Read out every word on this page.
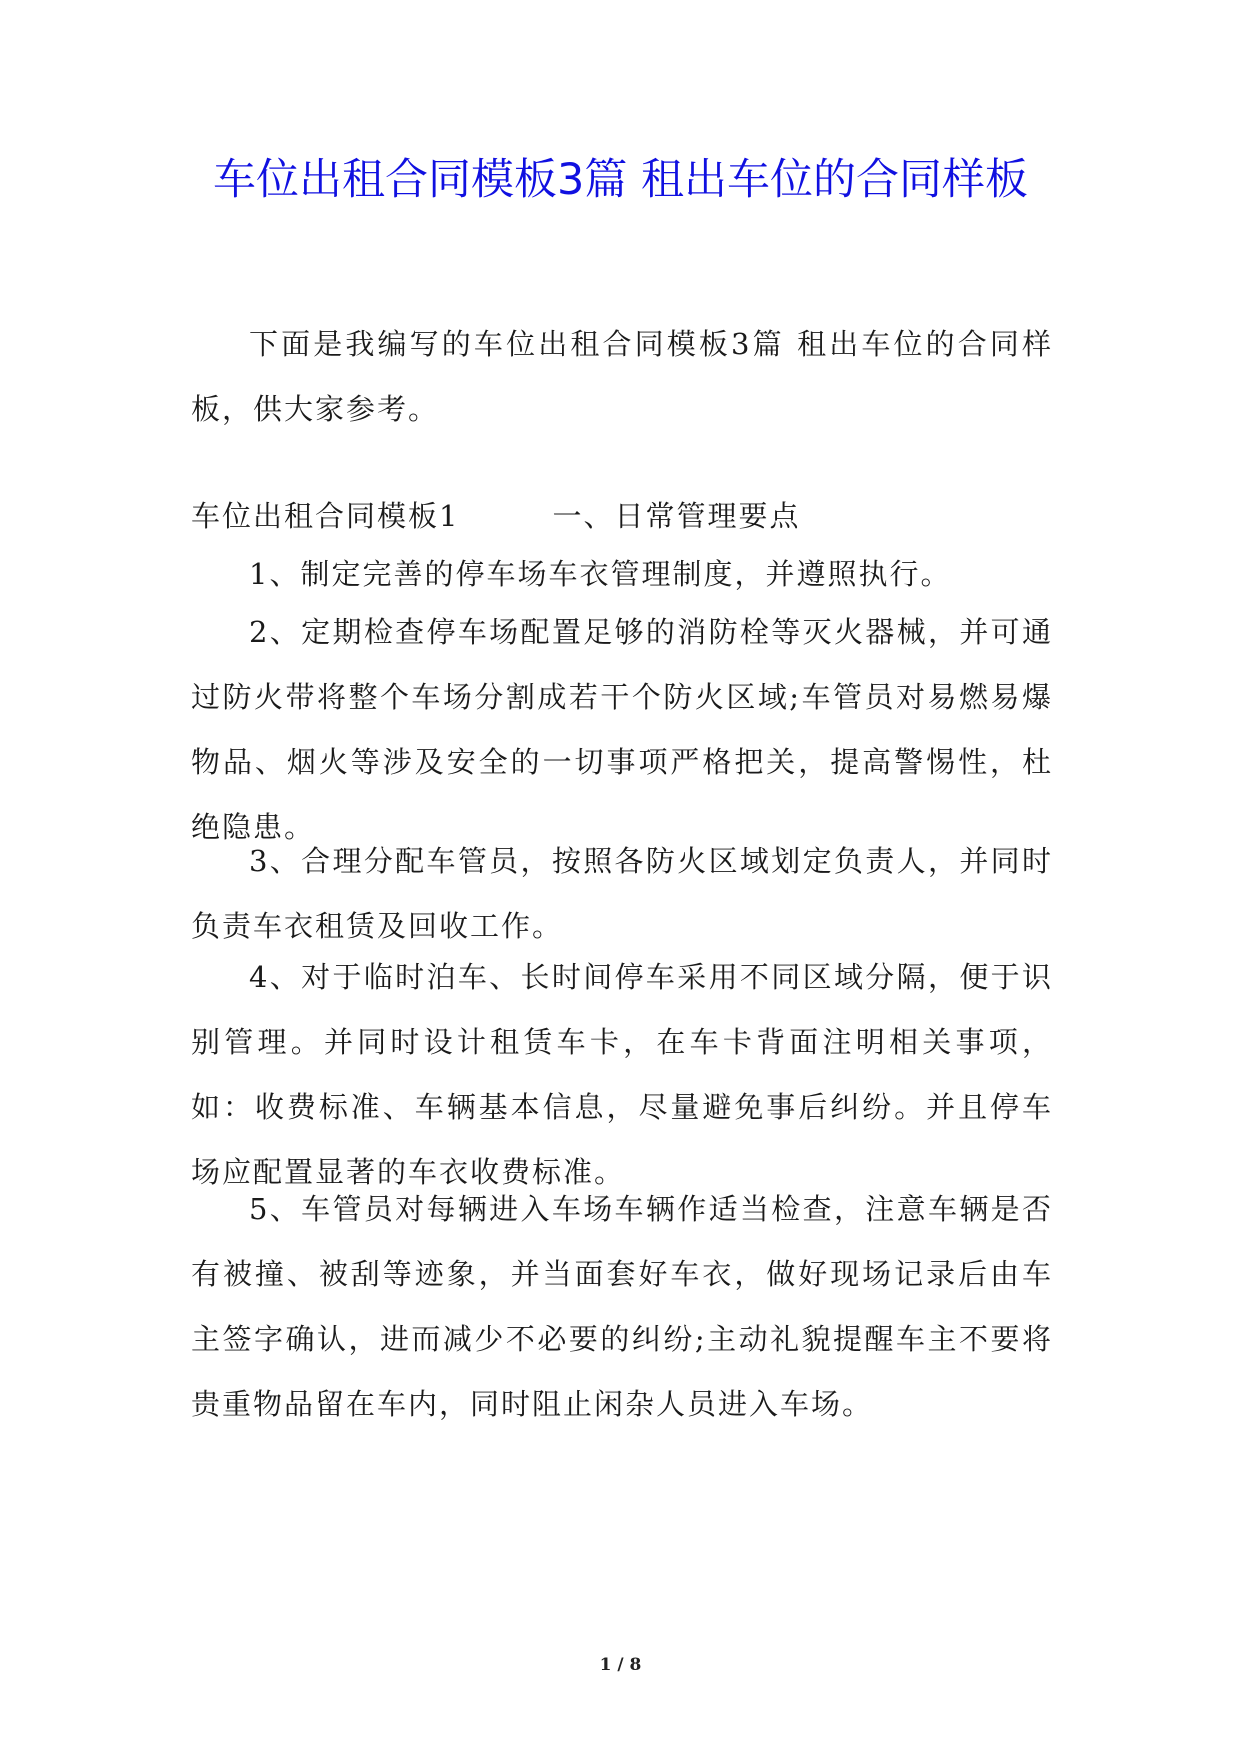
车位出租合同模板3篇 租出车位的合同样板

下面是我编写的车位出租合同模板3篇 租出车位的合同样板，供大家参考。

车位出租合同模板1　　　一、日常管理要点

1、制定完善的停车场车衣管理制度，并遵照执行。

2、定期检查停车场配置足够的消防栓等灭火器械，并可通过防火带将整个车场分割成若干个防火区域;车管员对易燃易爆物品、烟火等涉及安全的一切事项严格把关，提高警惕性，杜绝隐患。

3、合理分配车管员，按照各防火区域划定负责人，并同时负责车衣租赁及回收工作。

4、对于临时泊车、长时间停车采用不同区域分隔，便于识别管理。并同时设计租赁车卡，在车卡背面注明相关事项，如：收费标准、车辆基本信息，尽量避免事后纠纷。并且停车场应配置显著的车衣收费标准。

5、车管员对每辆进入车场车辆作适当检查，注意车辆是否有被撞、被刮等迹象，并当面套好车衣，做好现场记录后由车主签字确认，进而减少不必要的纠纷;主动礼貌提醒车主不要将贵重物品留在车内，同时阻止闲杂人员进入车场。

1 / 8
